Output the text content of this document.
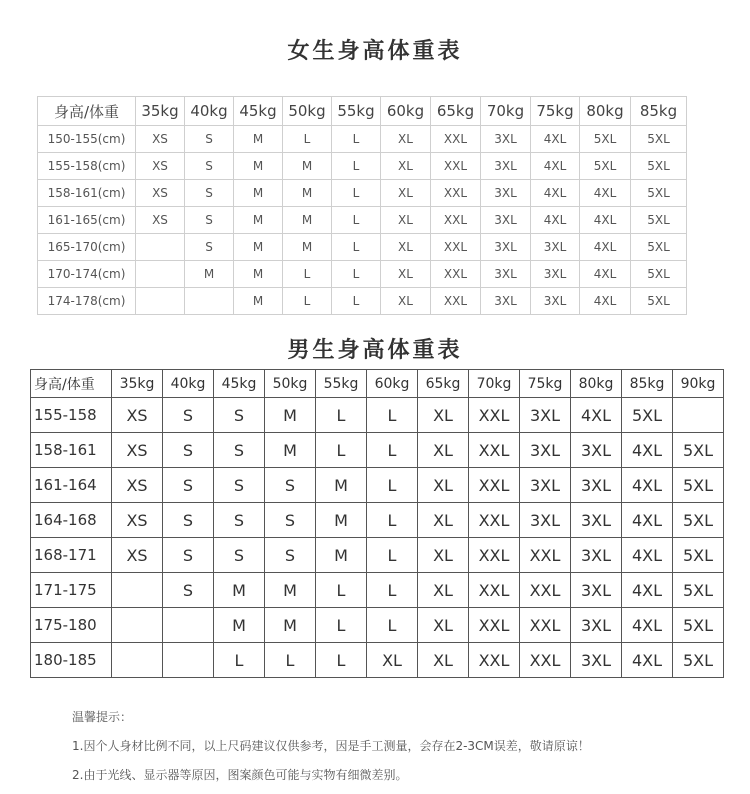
女生身高体重表
身高/体重	35kg	40kg	45kg	50kg	55kg	60kg	65kg	70kg	75kg	80kg	85kg
150-155(cm)	XS	S	M	L	L	XL	XXL	3XL	4XL	5XL	5XL
155-158(cm)	XS	S	M	M	L	XL	XXL	3XL	4XL	5XL	5XL
158-161(cm)	XS	S	M	M	L	XL	XXL	3XL	4XL	4XL	5XL
161-165(cm)	XS	S	M	M	L	XL	XXL	3XL	4XL	4XL	5XL
165-170(cm)		S	M	M	L	XL	XXL	3XL	3XL	4XL	5XL
170-174(cm)		M	M	L	L	XL	XXL	3XL	3XL	4XL	5XL
174-178(cm)			M	L	L	XL	XXL	3XL	3XL	4XL	5XL
男生身高体重表
身高/体重	35kg	40kg	45kg	50kg	55kg	60kg	65kg	70kg	75kg	80kg	85kg	90kg
155-158	XS	S	S	M	L	L	XL	XXL	3XL	4XL	5XL	
158-161	XS	S	S	M	L	L	XL	XXL	3XL	3XL	4XL	5XL
161-164	XS	S	S	S	M	L	XL	XXL	3XL	3XL	4XL	5XL
164-168	XS	S	S	S	M	L	XL	XXL	3XL	3XL	4XL	5XL
168-171	XS	S	S	S	M	L	XL	XXL	XXL	3XL	4XL	5XL
171-175		S	M	M	L	L	XL	XXL	XXL	3XL	4XL	5XL
175-180			M	M	L	L	XL	XXL	XXL	3XL	4XL	5XL
180-185			L	L	L	XL	XL	XXL	XXL	3XL	4XL	5XL
温馨提示：
1.因个人身材比例不同，以上尺码建议仅供参考，因是手工测量，会存在2-3CM误差，敬请原谅！
2.由于光线、显示器等原因，图案颜色可能与实物有细微差别。
